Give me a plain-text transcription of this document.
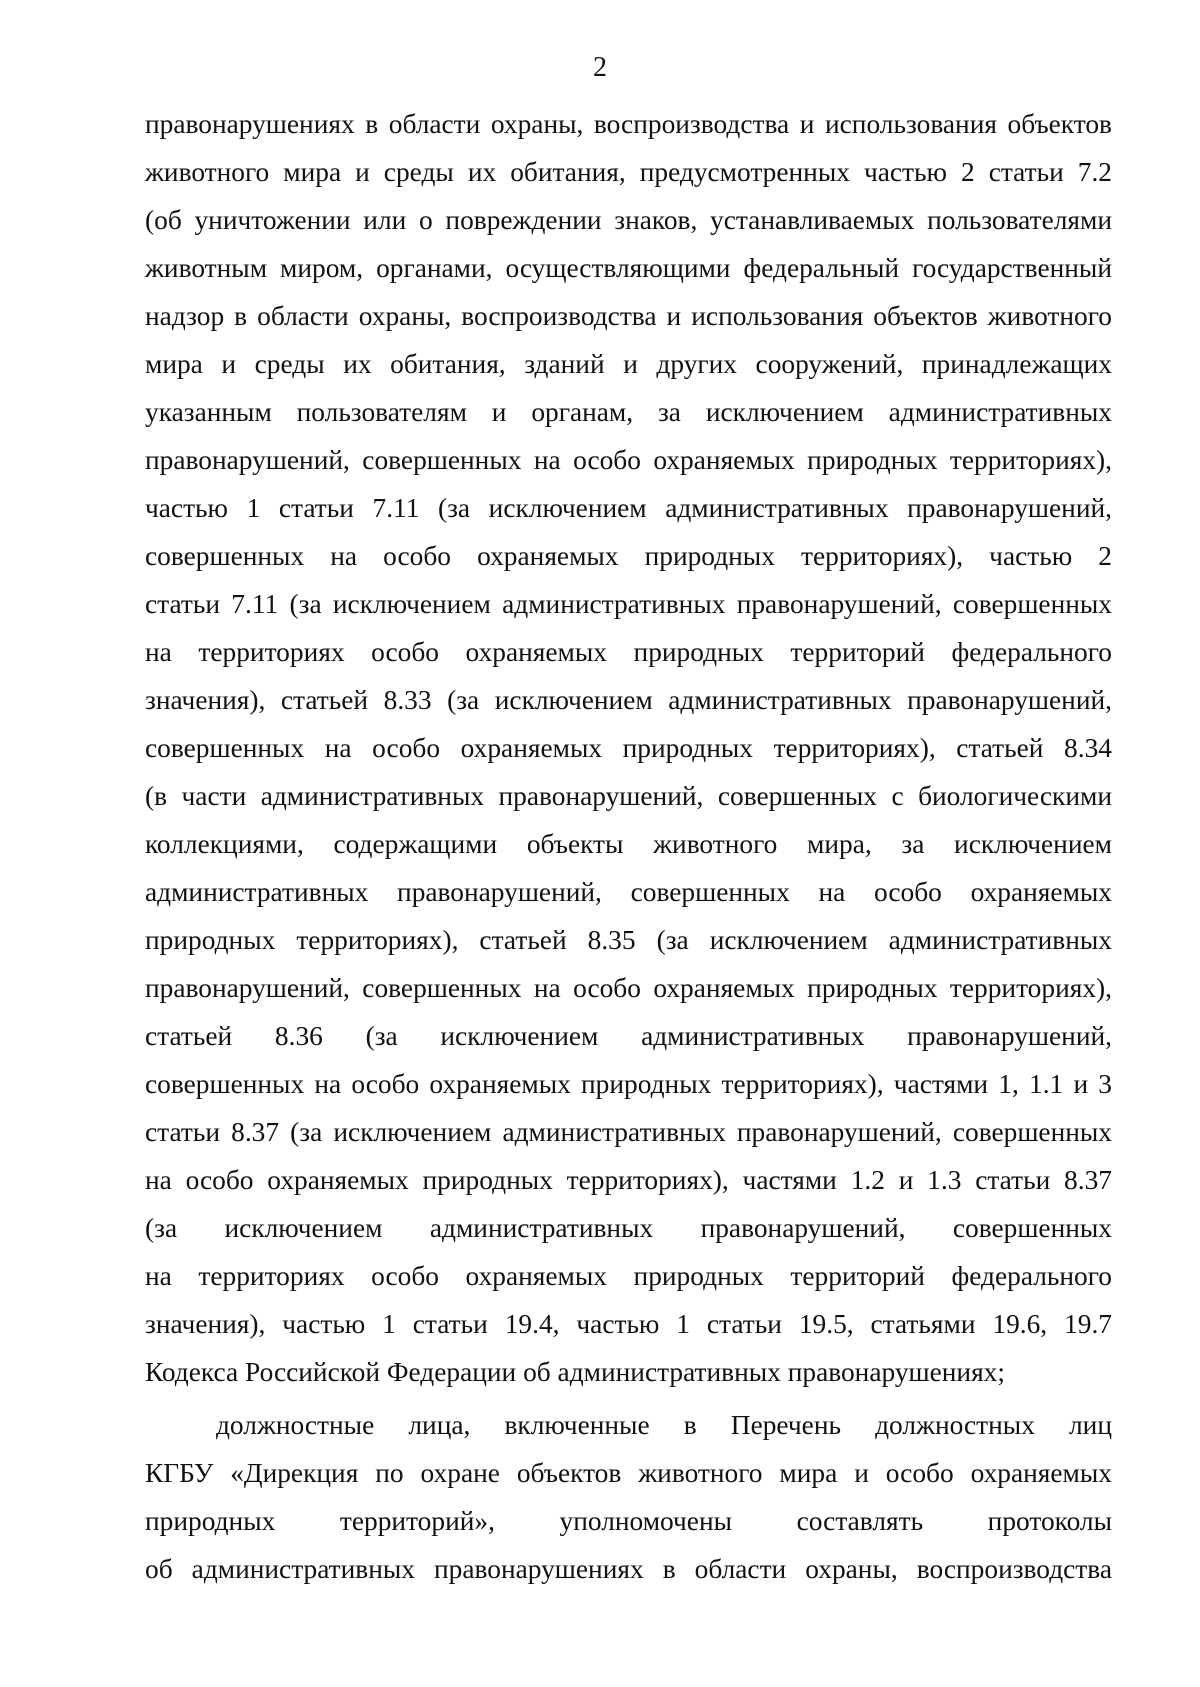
2
правонарушениях в области охраны, воспроизводства и использования объектов
животного мира и среды их обитания, предусмотренных частью 2 статьи 7.2
(об уничтожении или о повреждении знаков, устанавливаемых пользователями
животным миром, органами, осуществляющими федеральный государственный
надзор в области охраны, воспроизводства и использования объектов животного
мира и среды их обитания, зданий и других сооружений, принадлежащих
указанным пользователям и органам, за исключением административных
правонарушений, совершенных на особо охраняемых природных территориях),
частью 1 статьи 7.11 (за исключением административных правонарушений,
совершенных на особо охраняемых природных территориях), частью 2
статьи 7.11 (за исключением административных правонарушений, совершенных
на территориях особо охраняемых природных территорий федерального
значения), статьей 8.33 (за исключением административных правонарушений,
совершенных на особо охраняемых природных территориях), статьей 8.34
(в части административных правонарушений, совершенных с биологическими
коллекциями, содержащими объекты животного мира, за исключением
административных правонарушений, совершенных на особо охраняемых
природных территориях), статьей 8.35 (за исключением административных
правонарушений, совершенных на особо охраняемых природных территориях),
статьей 8.36 (за исключением административных правонарушений,
совершенных на особо охраняемых природных территориях), частями 1, 1.1 и 3
статьи 8.37 (за исключением административных правонарушений, совершенных
на особо охраняемых природных территориях), частями 1.2 и 1.3 статьи 8.37
(за исключением административных правонарушений, совершенных
на территориях особо охраняемых природных территорий федерального
значения), частью 1 статьи 19.4, частью 1 статьи 19.5, статьями 19.6, 19.7
Кодекса Российской Федерации об административных правонарушениях;
должностные лица, включенные в Перечень должностных лиц
КГБУ «Дирекция по охране объектов животного мира и особо охраняемых
природных территорий», уполномочены составлять протоколы
об административных правонарушениях в области охраны, воспроизводства
